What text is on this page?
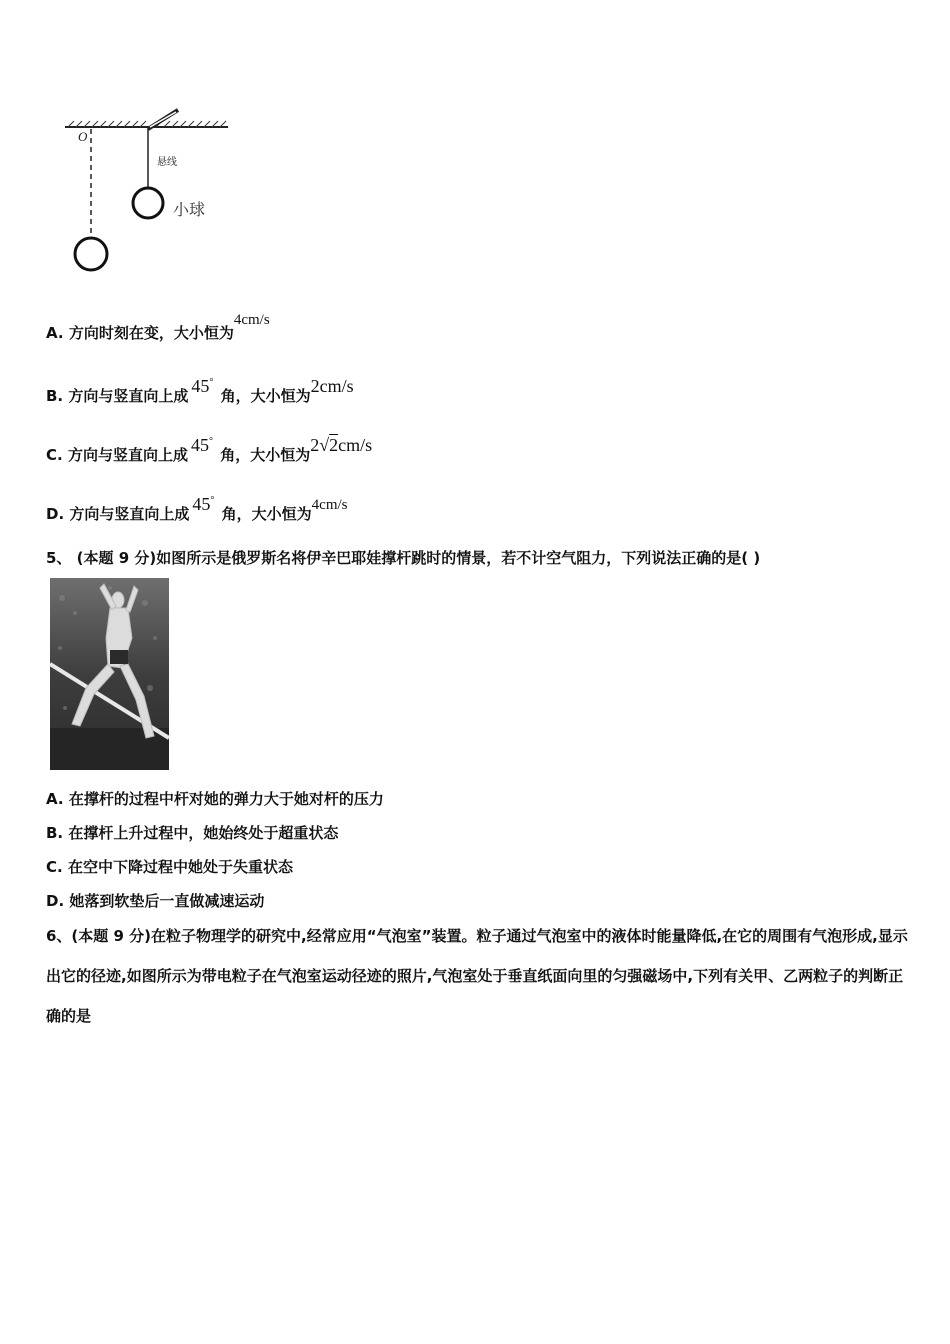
O
悬线
小球
A. 方向时刻在变，大小恒为4cm/s
B. 方向与竖直向上成 45° 角，大小恒为2cm/s
C. 方向与竖直向上成 45° 角，大小恒为2√2cm/s
D. 方向与竖直向上成 45° 角，大小恒为4cm/s
5、 (本题 9 分)如图所示是俄罗斯名将伊辛巴耶娃撑杆跳时的情景，若不计空气阻力，下列说法正确的是( )
A. 在撑杆的过程中杆对她的弹力大于她对杆的压力
B. 在撑杆上升过程中，她始终处于超重状态
C. 在空中下降过程中她处于失重状态
D. 她落到软垫后一直做减速运动
6、(本题 9 分)在粒子物理学的研究中,经常应用“气泡室”装置。粒子通过气泡室中的液体时能量降低,在它的周围有气泡形成,显示出它的径迹,如图所示为带电粒子在气泡室运动径迹的照片,气泡室处于垂直纸面向里的匀强磁场中,下列有关甲、乙两粒子的判断正确的是
